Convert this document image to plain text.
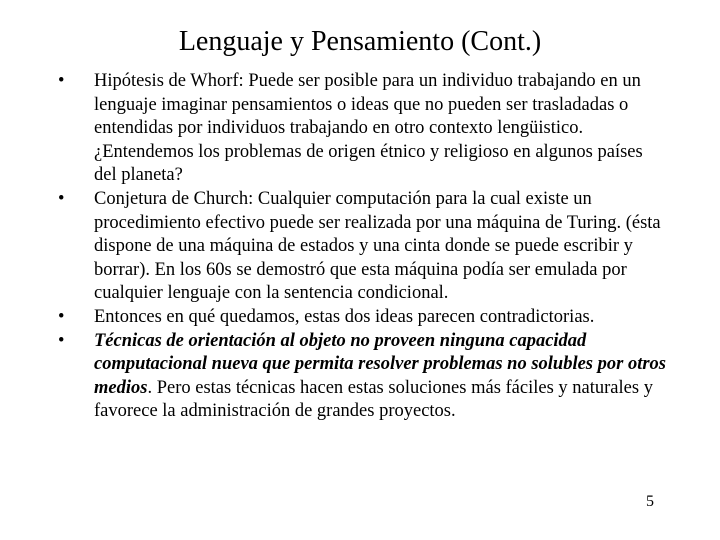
Lenguaje y Pensamiento (Cont.)
•	Hipótesis de Whorf: Puede ser posible para un individuo trabajando en un lenguaje imaginar pensamientos o ideas que no pueden ser trasladadas o entendidas por individuos trabajando en otro contexto lengüistico.
¿Entendemos los problemas de origen étnico y religioso en algunos países del planeta?
•	Conjetura de Church: Cualquier computación para la cual existe un procedimiento efectivo puede ser realizada por una máquina de Turing. (ésta dispone de una máquina de estados y una cinta donde se puede escribir y borrar). En los 60s se demostró que esta máquina podía ser emulada por cualquier lenguaje con la sentencia condicional.
•	Entonces en qué quedamos, estas dos ideas parecen contradictorias.
•	Técnicas de orientación al objeto no proveen ninguna capacidad computacional nueva que permita resolver problemas no solubles por otros medios. Pero estas técnicas hacen estas soluciones más fáciles y naturales y favorece la administración de grandes proyectos.
5
